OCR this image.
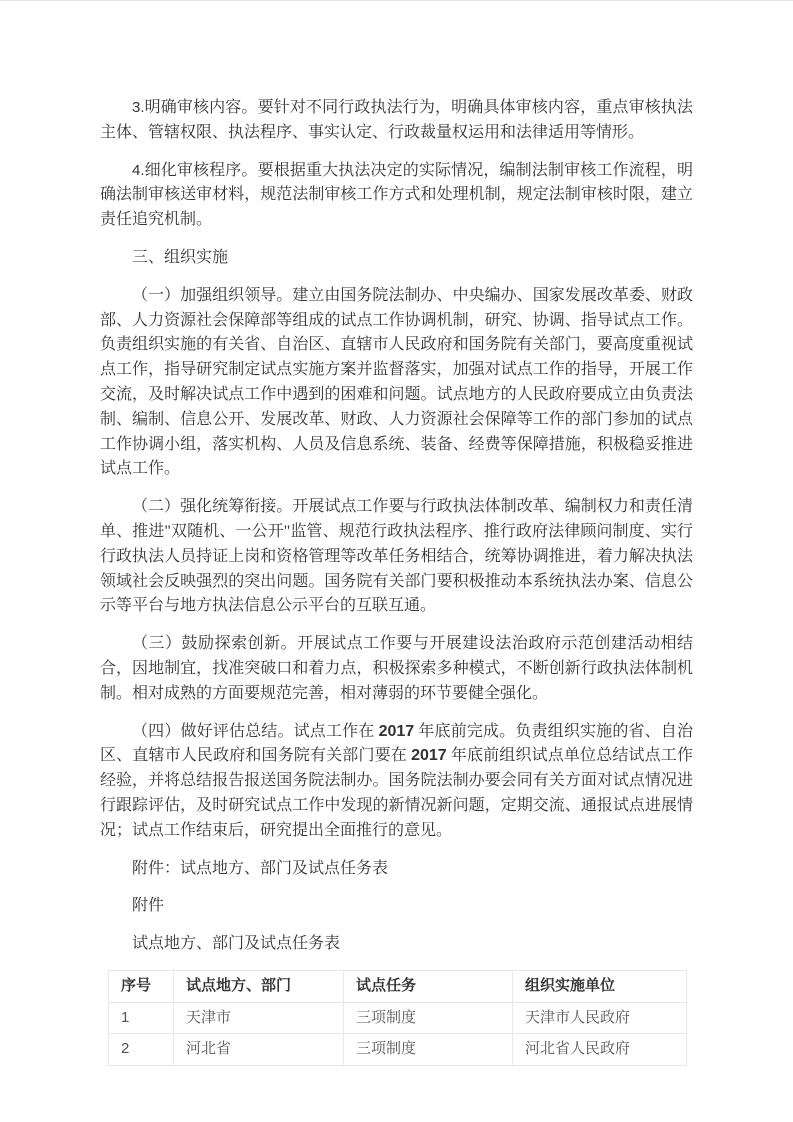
3.明确审核内容。要针对不同行政执法行为，明确具体审核内容，重点审核执法主体、管辖权限、执法程序、事实认定、行政裁量权运用和法律适用等情形。

4.细化审核程序。要根据重大执法决定的实际情况，编制法制审核工作流程，明确法制审核送审材料，规范法制审核工作方式和处理机制，规定法制审核时限，建立责任追究机制。

三、组织实施

（一）加强组织领导。建立由国务院法制办、中央编办、国家发展改革委、财政部、人力资源社会保障部等组成的试点工作协调机制，研究、协调、指导试点工作。负责组织实施的有关省、自治区、直辖市人民政府和国务院有关部门，要高度重视试点工作，指导研究制定试点实施方案并监督落实，加强对试点工作的指导，开展工作交流，及时解决试点工作中遇到的困难和问题。试点地方的人民政府要成立由负责法制、编制、信息公开、发展改革、财政、人力资源社会保障等工作的部门参加的试点工作协调小组，落实机构、人员及信息系统、装备、经费等保障措施，积极稳妥推进试点工作。

（二）强化统筹衔接。开展试点工作要与行政执法体制改革、编制权力和责任清单、推进"双随机、一公开"监管、规范行政执法程序、推行政府法律顾问制度、实行行政执法人员持证上岗和资格管理等改革任务相结合，统筹协调推进，着力解决执法领域社会反映强烈的突出问题。国务院有关部门要积极推动本系统执法办案、信息公示等平台与地方执法信息公示平台的互联互通。

（三）鼓励探索创新。开展试点工作要与开展建设法治政府示范创建活动相结合，因地制宜，找准突破口和着力点，积极探索多种模式，不断创新行政执法体制机制。相对成熟的方面要规范完善，相对薄弱的环节要健全强化。

（四）做好评估总结。试点工作在 2017 年底前完成。负责组织实施的省、自治区、直辖市人民政府和国务院有关部门要在 2017 年底前组织试点单位总结试点工作经验，并将总结报告报送国务院法制办。国务院法制办要会同有关方面对试点情况进行跟踪评估，及时研究试点工作中发现的新情况新问题，定期交流、通报试点进展情况；试点工作结束后，研究提出全面推行的意见。

附件：试点地方、部门及试点任务表

附件

试点地方、部门及试点任务表

序号	试点地方、部门	试点任务	组织实施单位
1	天津市	三项制度	天津市人民政府
2	河北省	三项制度	河北省人民政府
